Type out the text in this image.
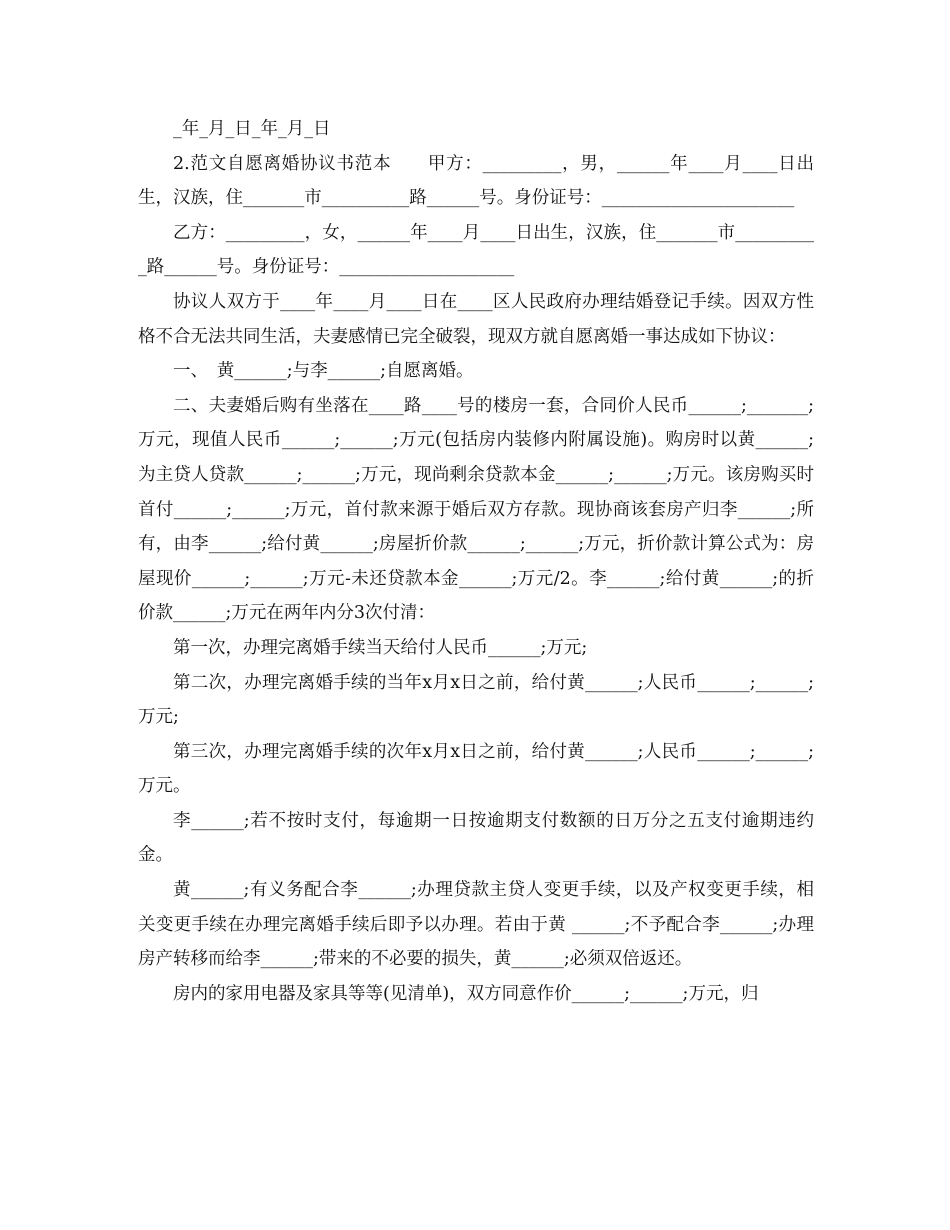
_年_月_日_年_月_日

2.范文自愿离婚协议书范本　　甲方：_________，男，______年____月____日出生，汉族，住_______市__________路______号。身份证号：______________________

乙方：_________，女，______年____月____日出生，汉族，住_______市__________路______号。身份证号：____________________

协议人双方于____年____月____日在____区人民政府办理结婚登记手续。因双方性格不合无法共同生活，夫妻感情已完全破裂，现双方就自愿离婚一事达成如下协议：

一、　黄______;与李______;自愿离婚。

二、夫妻婚后购有坐落在____路____号的楼房一套，合同价人民币______;_______;万元，现值人民币______;______;万元(包括房内装修内附属设施)。购房时以黄______;为主贷人贷款______;______;万元，现尚剩余贷款本金______;______;万元。该房购买时首付______;______;万元，首付款来源于婚后双方存款。现协商该套房产归李______;所有，由李______;给付黄______;房屋折价款______;______;万元，折价款计算公式为：房屋现价______;______;万元-未还贷款本金______;万元/2。李______;给付黄______;的折价款______;万元在两年内分3次付清：

第一次，办理完离婚手续当天给付人民币______;万元;

第二次，办理完离婚手续的当年x月x日之前，给付黄______;人民币______;______;万元;

第三次，办理完离婚手续的次年x月x日之前，给付黄______;人民币______;______;万元。

李______;若不按时支付，每逾期一日按逾期支付数额的日万分之五支付逾期违约金。

黄______;有义务配合李______;办理贷款主贷人变更手续，以及产权变更手续，相关变更手续在办理完离婚手续后即予以办理。若由于黄 ______;不予配合李______;办理房产转移而给李______;带来的不必要的损失，黄______;必须双倍返还。

房内的家用电器及家具等等(见清单)，双方同意作价______;______;万元，归
